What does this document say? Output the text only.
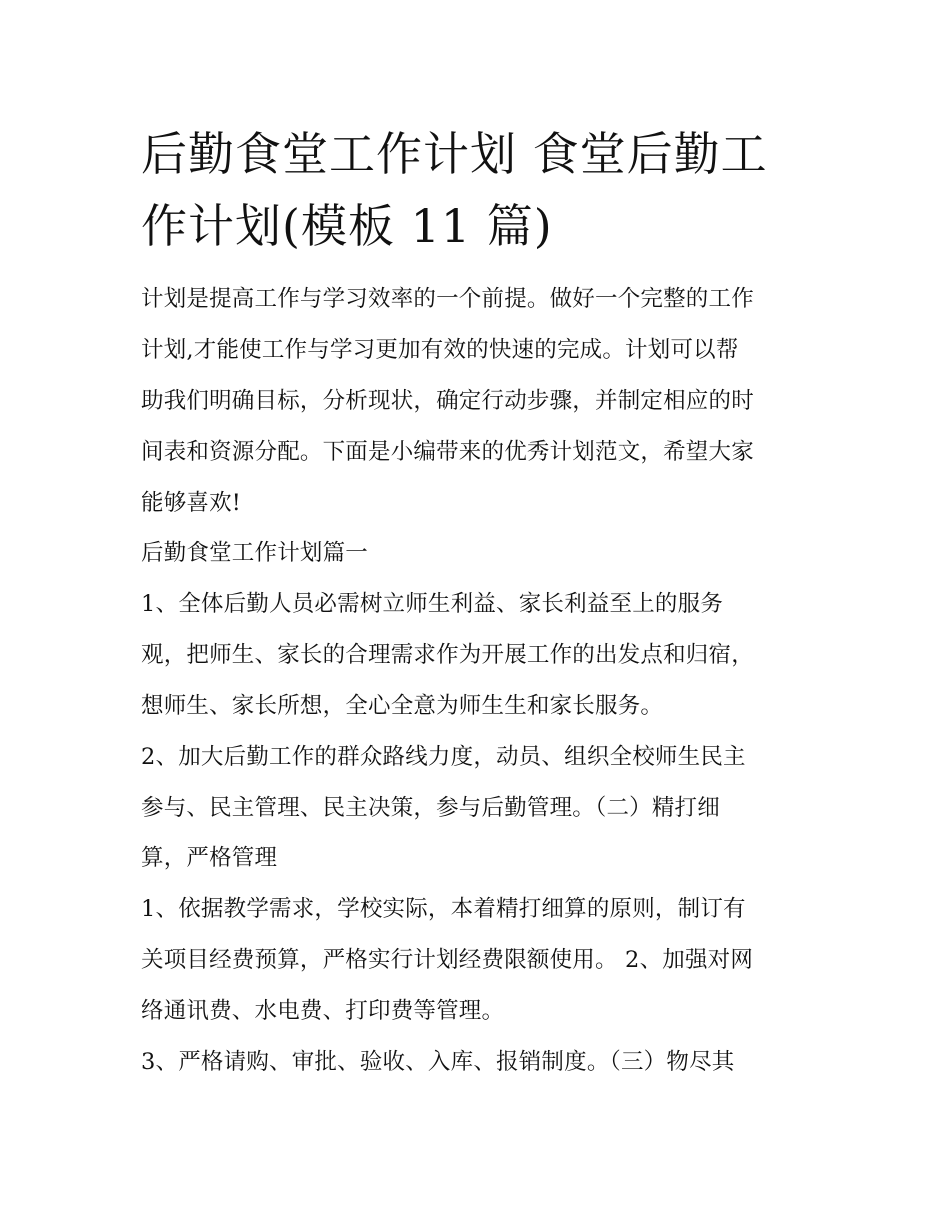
后勤食堂工作计划 食堂后勤工
作计划(模板 11 篇)

计划是提高工作与学习效率的一个前提。做好一个完整的工作

计划,才能使工作与学习更加有效的快速的完成。计划可以帮

助我们明确目标，分析现状，确定行动步骤，并制定相应的时

间表和资源分配。下面是小编带来的优秀计划范文，希望大家

能够喜欢!

后勤食堂工作计划篇一

1、全体后勤人员必需树立师生利益、家长利益至上的服务

观，把师生、家长的合理需求作为开展工作的出发点和归宿，

想师生、家长所想，全心全意为师生生和家长服务。

2、加大后勤工作的群众路线力度，动员、组织全校师生民主

参与、民主管理、民主决策，参与后勤管理。（二）精打细

算，严格管理

1、依据教学需求，学校实际，本着精打细算的原则，制订有

关项目经费预算，严格实行计划经费限额使用。 2、加强对网

络通讯费、水电费、打印费等管理。

3、严格请购、审批、验收、入库、报销制度。（三）物尽其
